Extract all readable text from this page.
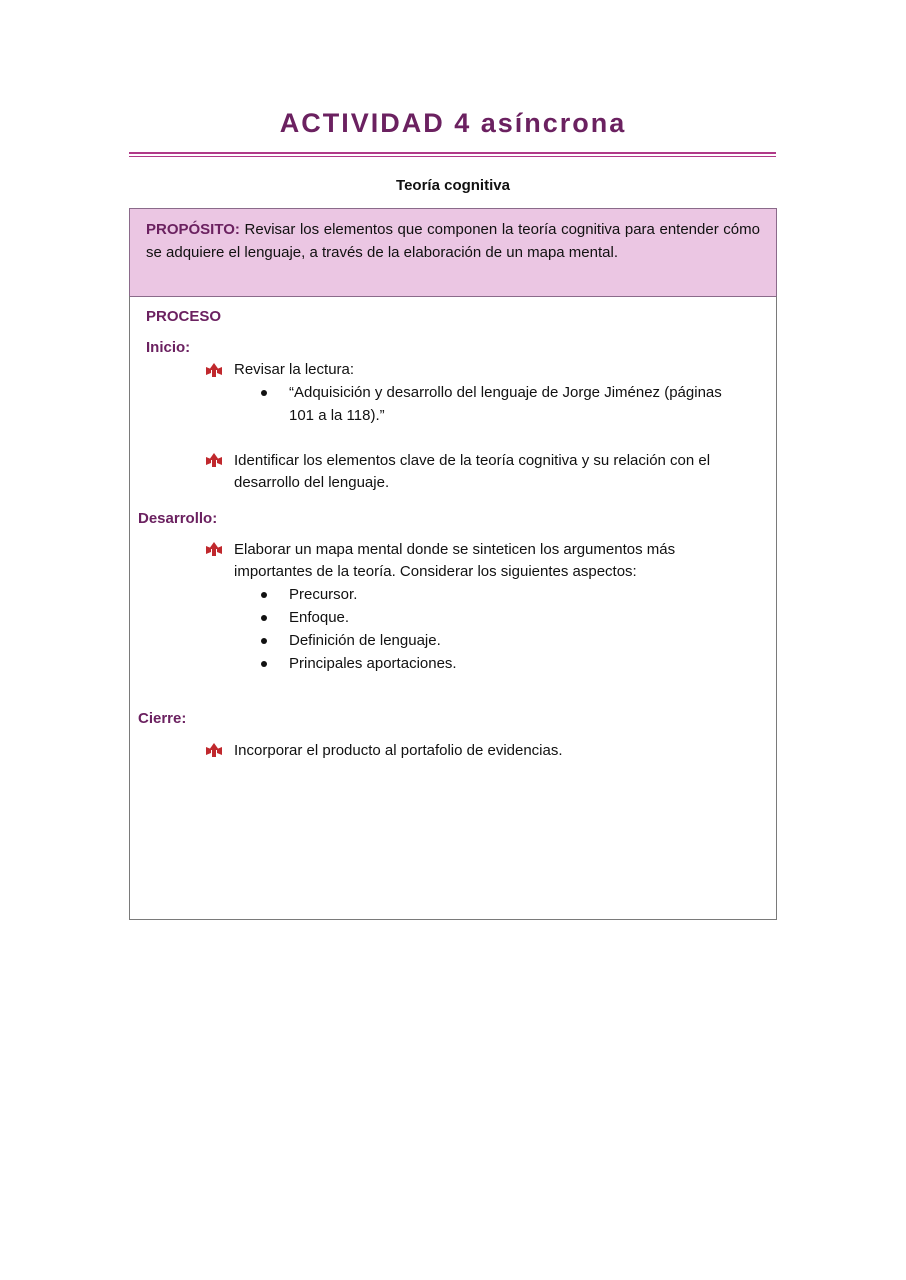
ACTIVIDAD 4 asíncrona
Teoría cognitiva
PROPÓSITO: Revisar los elementos que componen la teoría cognitiva para entender cómo se adquiere el lenguaje, a través de la elaboración de un mapa mental.
PROCESO
Inicio:
Revisar la lectura:
“Adquisición y desarrollo del lenguaje de Jorge Jiménez (páginas
101 a la 118).”
Identificar los elementos clave de la teoría cognitiva y su relación con el
desarrollo del lenguaje.
Desarrollo:
Elaborar un mapa mental donde se sinteticen los argumentos más
importantes de la teoría. Considerar los siguientes aspectos:
Precursor.
Enfoque.
Definición de lenguaje.
Principales aportaciones.
Cierre:
Incorporar el producto al portafolio de evidencias.
